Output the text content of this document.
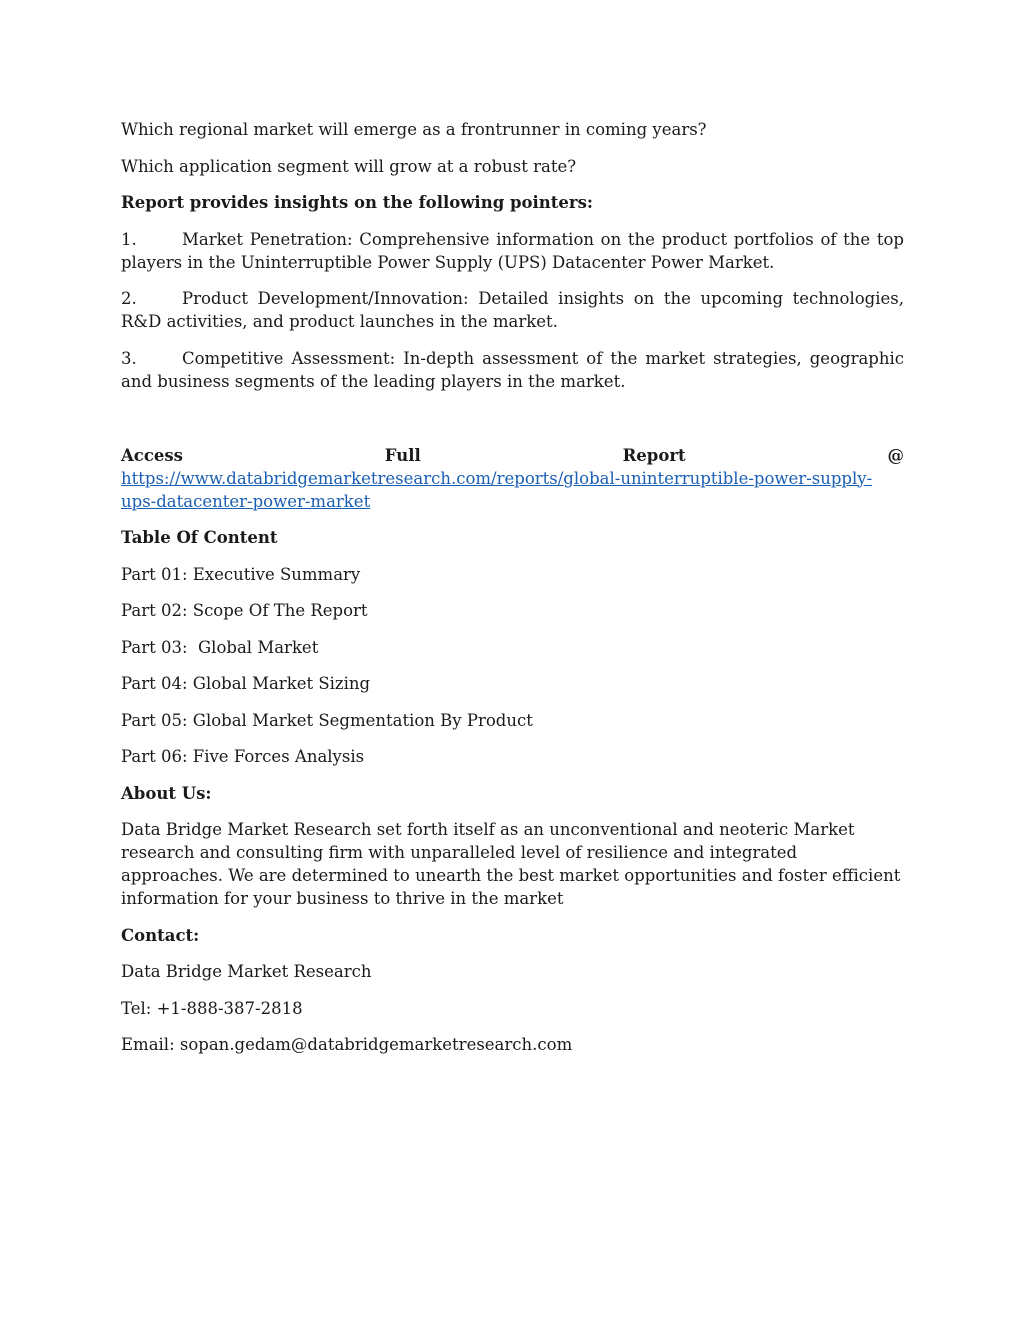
Which regional market will emerge as a frontrunner in coming years?

Which application segment will grow at a robust rate?

Report provides insights on the following pointers:

1.	Market Penetration: Comprehensive information on the product portfolios of the top players in the Uninterruptible Power Supply (UPS) Datacenter Power Market.

2.	Product Development/Innovation: Detailed insights on the upcoming technologies, R&D activities, and product launches in the market.

3.	Competitive Assessment: In-depth assessment of the market strategies, geographic and business segments of the leading players in the market.

Access Full Report @ https://www.databridgemarketresearch.com/reports/global-uninterruptible-power-supply-ups-datacenter-power-market

Table Of Content

Part 01: Executive Summary

Part 02: Scope Of The Report

Part 03:  Global Market

Part 04: Global Market Sizing

Part 05: Global Market Segmentation By Product

Part 06: Five Forces Analysis

About Us:

Data Bridge Market Research set forth itself as an unconventional and neoteric Market research and consulting firm with unparalleled level of resilience and integrated approaches. We are determined to unearth the best market opportunities and foster efficient information for your business to thrive in the market

Contact:

Data Bridge Market Research

Tel: +1-888-387-2818

Email: sopan.gedam@databridgemarketresearch.com
